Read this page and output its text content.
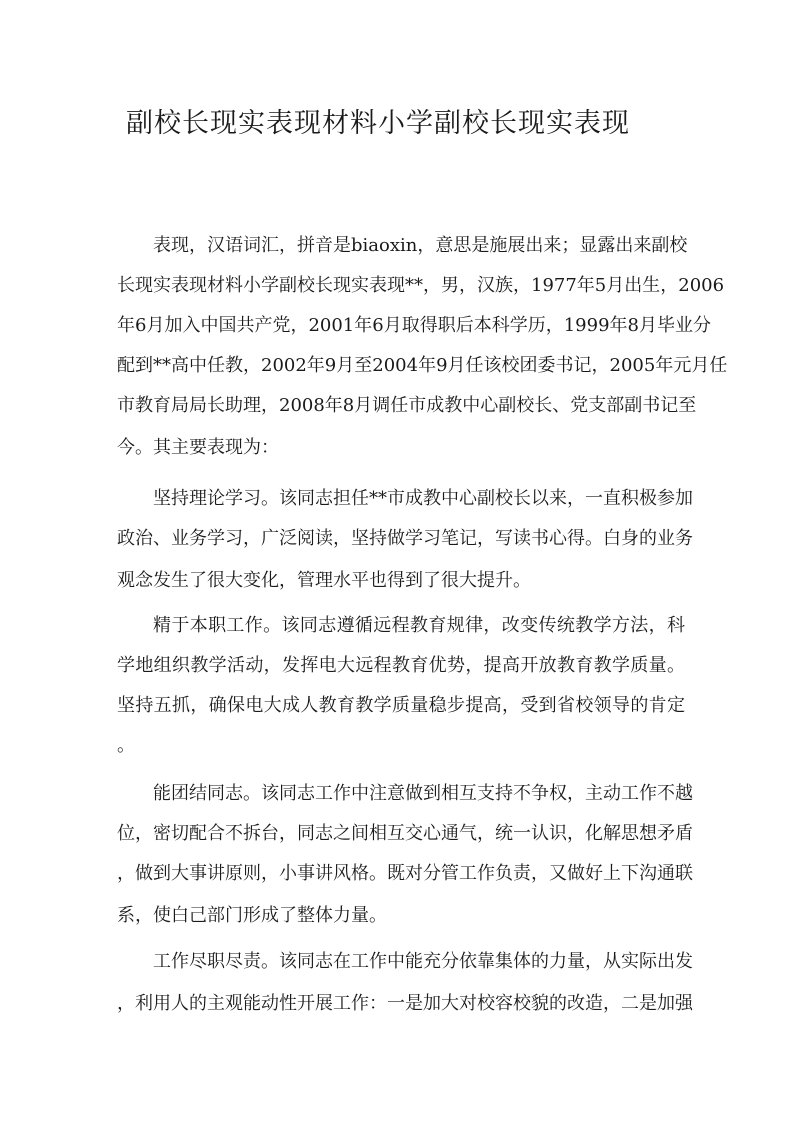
副校长现实表现材料小学副校长现实表现
表现，汉语词汇，拼音是biaoxin，意思是施展出来；显露出来副校
长现实表现材料小学副校长现实表现**，男，汉族，1977年5月出生，2006
年6月加入中国共产党，2001年6月取得职后本科学历，1999年8月毕业分
配到**高中任教，2002年9月至2004年9月任该校团委书记，2005年元月任
市教育局局长助理，2008年8月调任市成教中心副校长、党支部副书记至
今。其主要表现为：
坚持理论学习。该同志担任**市成教中心副校长以来，一直积极参加
政治、业务学习，广泛阅读，坚持做学习笔记，写读书心得。白身的业务
观念发生了很大变化，管理水平也得到了很大提升。
精于本职工作。该同志遵循远程教育规律，改变传统教学方法，科
学地组织教学活动，发挥电大远程教育优势，提高开放教育教学质量。
坚持五抓，确保电大成人教育教学质量稳步提高，受到省校领导的肯定
。
能团结同志。该同志工作中注意做到相互支持不争权，主动工作不越
位，密切配合不拆台，同志之间相互交心通气，统一认识，化解思想矛盾
，做到大事讲原则，小事讲风格。既对分管工作负责，又做好上下沟通联
系，使白己部门形成了整体力量。
工作尽职尽责。该同志在工作中能充分依靠集体的力量，从实际出发
，利用人的主观能动性开展工作：一是加大对校容校貌的改造，二是加强
